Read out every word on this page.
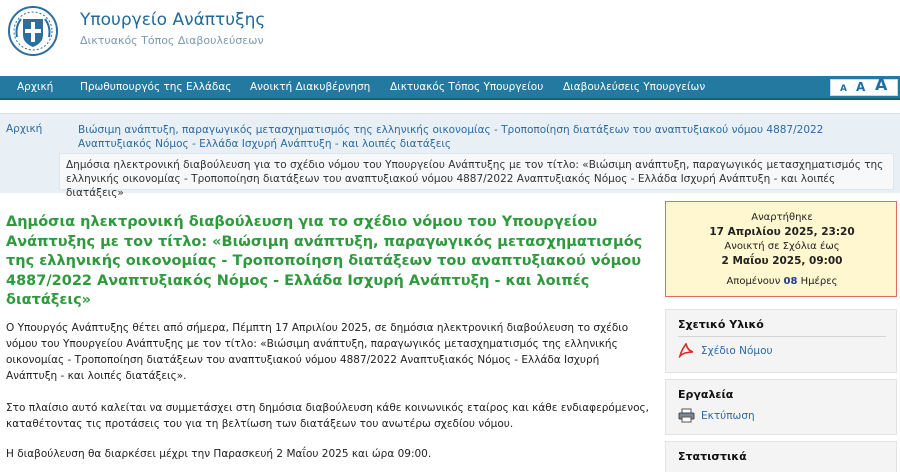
Υπουργείο Ανάπτυξης
Δικτυακός Τόπος Διαβουλεύσεων
Αρχική	Πρωθυπουργός της Ελλάδας Ανοικτή Διακυβέρνηση Δικτυακός Τόπος Υπουργείου Διαβουλεύσεις Υπουργείων	A A A
Αρχική	Βιώσιμη ανάπτυξη, παραγωγικός μετασχηματισμός της ελληνικής οικονομίας - Τροποποίηση διατάξεων του αναπτυξιακού νόμου 4887/2022 Αναπτυξιακός Νόμος - Ελλάδα Ισχυρή Ανάπτυξη - και λοιπές διατάξεις
Δημόσια ηλεκτρονική διαβούλευση για το σχέδιο νόμου του Υπουργείου Ανάπτυξης με τον τίτλο: «Βιώσιμη ανάπτυξη, παραγωγικός μετασχηματισμός της ελληνικής οικονομίας - Τροποποίηση διατάξεων του αναπτυξιακού νόμου 4887/2022 Αναπτυξιακός Νόμος - Ελλάδα Ισχυρή Ανάπτυξη - και λοιπές διατάξεις»
Δημόσια ηλεκτρονική διαβούλευση για το σχέδιο νόμου του Υπουργείου Ανάπτυξης με τον τίτλο: «Βιώσιμη ανάπτυξη, παραγωγικός μετασχηματισμός της ελληνικής οικονομίας - Τροποποίηση διατάξεων του αναπτυξιακού νόμου 4887/2022 Αναπτυξιακός Νόμος - Ελλάδα Ισχυρή Ανάπτυξη - και λοιπές διατάξεις»

Ο Υπουργός Ανάπτυξης θέτει από σήμερα, Πέμπτη 17 Απριλίου 2025, σε δημόσια ηλεκτρονική διαβούλευση το σχέδιο νόμου του Υπουργείου Ανάπτυξης με τον τίτλο: «Βιώσιμη ανάπτυξη, παραγωγικός μετασχηματισμός της ελληνικής οικονομίας - Τροποποίηση διατάξεων του αναπτυξιακού νόμου 4887/2022 Αναπτυξιακός Νόμος - Ελλάδα Ισχυρή Ανάπτυξη - και λοιπές διατάξεις».

Στο πλαίσιο αυτό καλείται να συμμετάσχει στη δημόσια διαβούλευση κάθε κοινωνικός εταίρος και κάθε ενδιαφερόμενος, καταθέτοντας τις προτάσεις του για τη βελτίωση των διατάξεων του ανωτέρω σχεδίου νόμου.

Η διαβούλευση θα διαρκέσει μέχρι την Παρασκευή 2 Μαΐου 2025 και ώρα 09:00.

Αναρτήθηκε
17 Απριλίου 2025, 23:20
Ανοικτή σε Σχόλια έως
2 Μαΐου 2025, 09:00
Απομένουν 08 Ημέρες
Σχετικό Υλικό
Σχέδιο Νόμου
Εργαλεία
Εκτύπωση
Στατιστικά
